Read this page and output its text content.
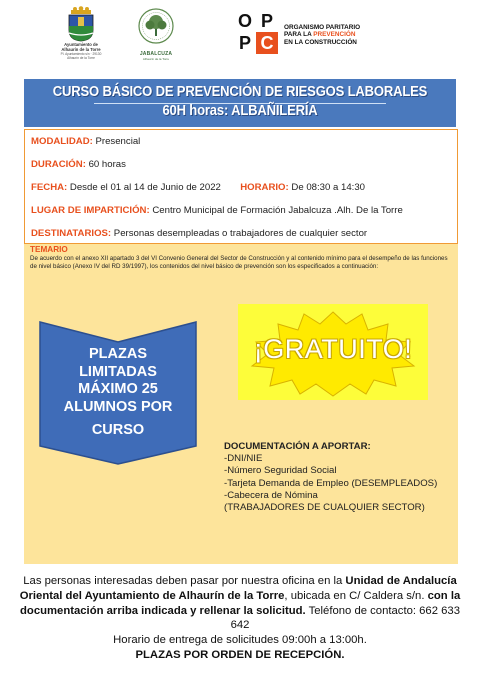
Ayuntamiento de
Alhaurín de la Torre
Pl. Ayuntamiento s/n · 29130 Alhaurín de la Torre
JABALCUZA
Alhaurín de la Torre
O P
P C
ORGANISMO PARITARIO
PARA LA PREVENCIÓN
EN LA CONSTRUCCIÓN
CURSO BÁSICO DE PREVENCIÓN DE RIESGOS LABORALES
60H horas: ALBAÑILERÍA
MODALIDAD: Presencial
DURACIÓN: 60 horas
FECHA: Desde el 01 al 14 de Junio de 2022 HORARIO: De 08:30 a 14:30
LUGAR DE IMPARTICIÓN: Centro Municipal de Formación Jabalcuza .Alh. De la Torre
DESTINATARIOS: Personas desempleadas o trabajadores de cualquier sector
TEMARIO
De acuerdo con el anexo XII apartado 3 del VI Convenio General del Sector de Construcción y al contenido mínimo para el desempeño de las funciones de nivel básico (Anexo IV del RD 39/1997), los contenidos del nivel básico de prevención son los especificados a continuación:
PLAZAS
LIMITADAS
MÁXIMO 25
ALUMNOS POR
CURSO
¡GRATUITO!
DOCUMENTACIÓN A APORTAR:
-DNI/NIE
-Número Seguridad Social
-Tarjeta Demanda de Empleo (DESEMPLEADOS)
-Cabecera de Nómina
(TRABAJADORES DE CUALQUIER SECTOR)
Las personas interesadas deben pasar por nuestra oficina en la Unidad de Andalucía Oriental del Ayuntamiento de Alhaurín de la Torre, ubicada en C/ Caldera s/n. con la documentación arriba indicada y rellenar la solicitud. Teléfono de contacto: 662 633 642
Horario de entrega de solicitudes 09:00h a 13:00h.
PLAZAS POR ORDEN DE RECEPCIÓN.
